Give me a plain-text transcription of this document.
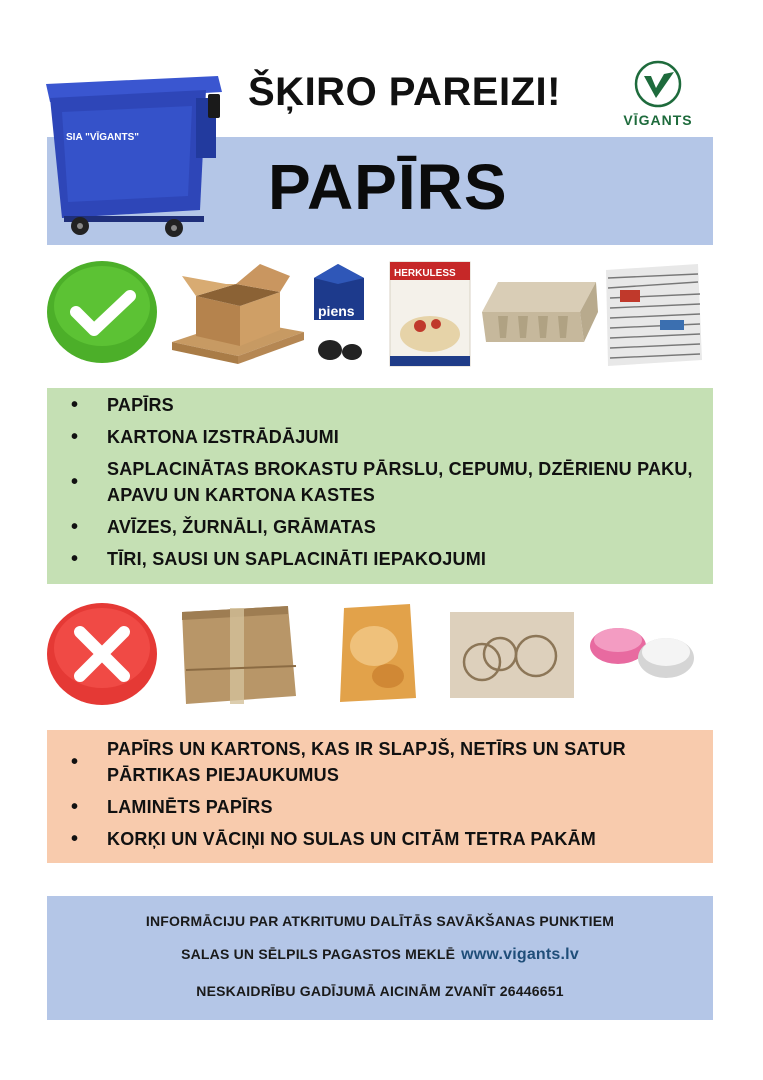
SIA "VĪGANTS"
ŠĶIRO PAREIZI!
VĪGANTS
PAPĪRS
piens
HERKULESS
• PAPĪRS
• KARTONA IZSTRĀDĀJUMI
• SAPLACINĀTAS BROKASTU PĀRSLU, CEPUMU, DZĒRIENU PAKU, APAVU UN KARTONA KASTES
• AVĪZES, ŽURNĀLI, GRĀMATAS
• TĪRI, SAUSI UN SAPLACINĀTI IEPAKOJUMI
• PAPĪRS UN KARTONS, KAS IR SLAPJŠ, NETĪRS UN SATUR PĀRTIKAS PIEJAUKUMUS
• LAMINĒTS PAPĪRS
• KORĶI UN VĀCIŅI NO SULAS UN CITĀM TETRA PAKĀM
INFORMĀCIJU PAR ATKRITUMU DALĪTĀS SAVĀKŠANAS PUNKTIEM
SALAS UN SĒLPILS PAGASTOS MEKLĒ www.vigants.lv
NESKAIDRĪBU GADĪJUMĀ AICINĀM ZVANĪT 26446651
